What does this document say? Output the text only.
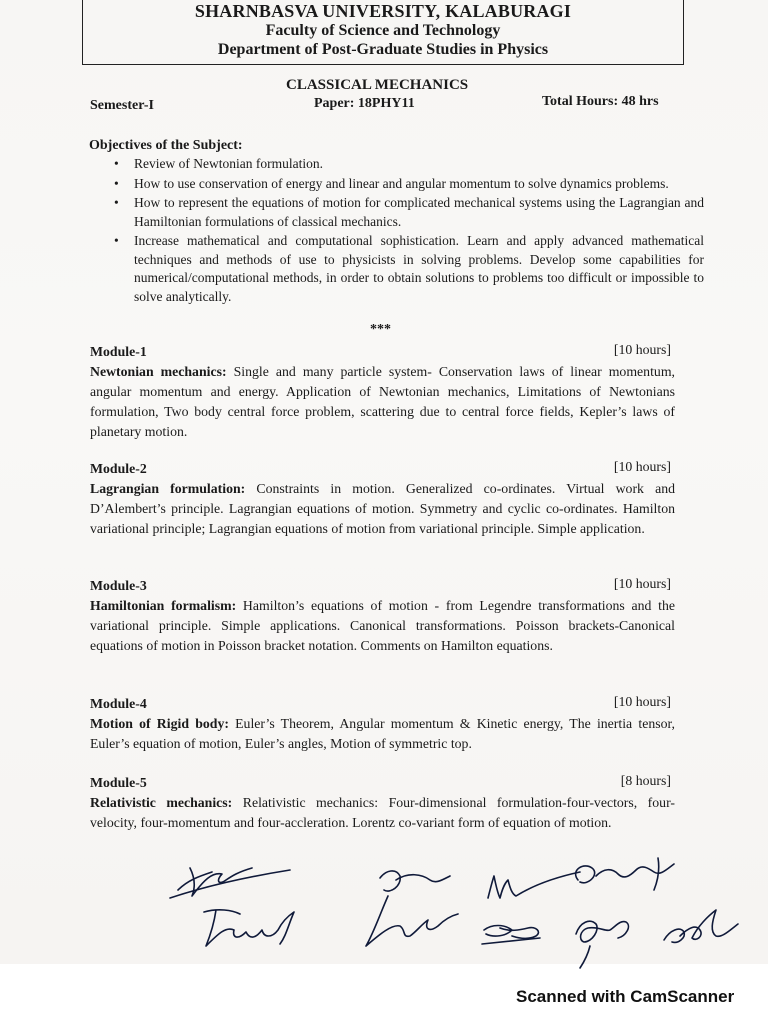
SHARNBASVA UNIVERSITY, KALABURAGI
Faculty of Science and Technology
Department of Post-Graduate Studies in Physics
CLASSICAL MECHANICS
Semester-I	Paper: 18PHY11	Total Hours: 48 hrs
Objectives of the Subject:
• Review of Newtonian formulation.
• How to use conservation of energy and linear and angular momentum to solve dynamics problems.
• How to represent the equations of motion for complicated mechanical systems using the Lagrangian and Hamiltonian formulations of classical mechanics.
• Increase mathematical and computational sophistication. Learn and apply advanced mathematical techniques and methods of use to physicists in solving problems. Develop some capabilities for numerical/computational methods, in order to obtain solutions to problems too difficult or impossible to solve analytically.
***
Module-1	[10 hours]
Newtonian mechanics: Single and many particle system- Conservation laws of linear momentum, angular momentum and energy. Application of Newtonian mechanics, Limitations of Newtonians formulation, Two body central force problem, scattering due to central force fields, Kepler’s laws of planetary motion.
Module-2	[10 hours]
Lagrangian formulation: Constraints in motion. Generalized co-ordinates. Virtual work and D’Alembert’s principle. Lagrangian equations of motion. Symmetry and cyclic co-ordinates. Hamilton variational principle; Lagrangian equations of motion from variational principle. Simple application.
Module-3	[10 hours]
Hamiltonian formalism: Hamilton’s equations of motion - from Legendre transformations and the variational principle. Simple applications. Canonical transformations. Poisson brackets-Canonical equations of motion in Poisson bracket notation. Comments on Hamilton equations.
Module-4	[10 hours]
Motion of Rigid body: Euler’s Theorem, Angular momentum & Kinetic energy, The inertia tensor, Euler’s equation of motion, Euler’s angles, Motion of symmetric top.
Module-5	[8 hours]
Relativistic mechanics: Relativistic mechanics: Four-dimensional formulation-four-vectors, four-velocity, four-momentum and four-accleration. Lorentz co-variant form of equation of motion.
Scanned with CamScanner
